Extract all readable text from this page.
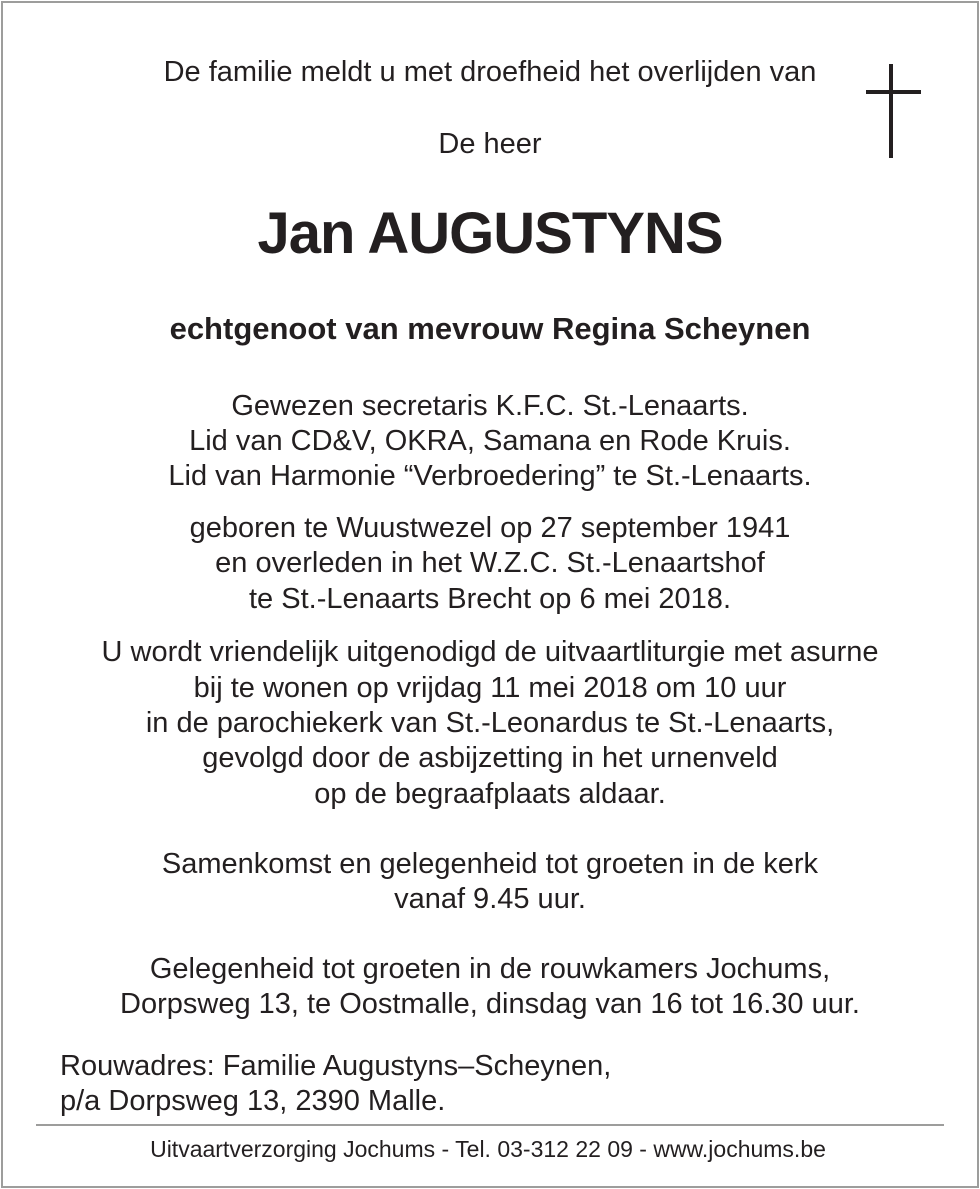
De familie meldt u met droefheid het overlijden van
De heer
Jan AUGUSTYNS
echtgenoot van mevrouw Regina Scheynen
Gewezen secretaris K.F.C. St.-Lenaarts.
Lid van CD&V, OKRA, Samana en Rode Kruis.
Lid van Harmonie “Verbroedering” te St.-Lenaarts.
geboren te Wuustwezel op 27 september 1941
en overleden in het W.Z.C. St.-Lenaartshof
te St.-Lenaarts Brecht op 6 mei 2018.
U wordt vriendelijk uitgenodigd de uitvaartliturgie met asurne
bij te wonen op vrijdag 11 mei 2018 om 10 uur
in de parochiekerk van St.-Leonardus te St.-Lenaarts,
gevolgd door de asbijzetting in het urnenveld
op de begraafplaats aldaar.
Samenkomst en gelegenheid tot groeten in de kerk
vanaf 9.45 uur.
Gelegenheid tot groeten in de rouwkamers Jochums,
Dorpsweg 13, te Oostmalle, dinsdag van 16 tot 16.30 uur.
Rouwadres: Familie Augustyns–Scheynen,
p/a Dorpsweg 13, 2390 Malle.
Uitvaartverzorging Jochums - Tel. 03-312 22 09 - www.jochums.be
